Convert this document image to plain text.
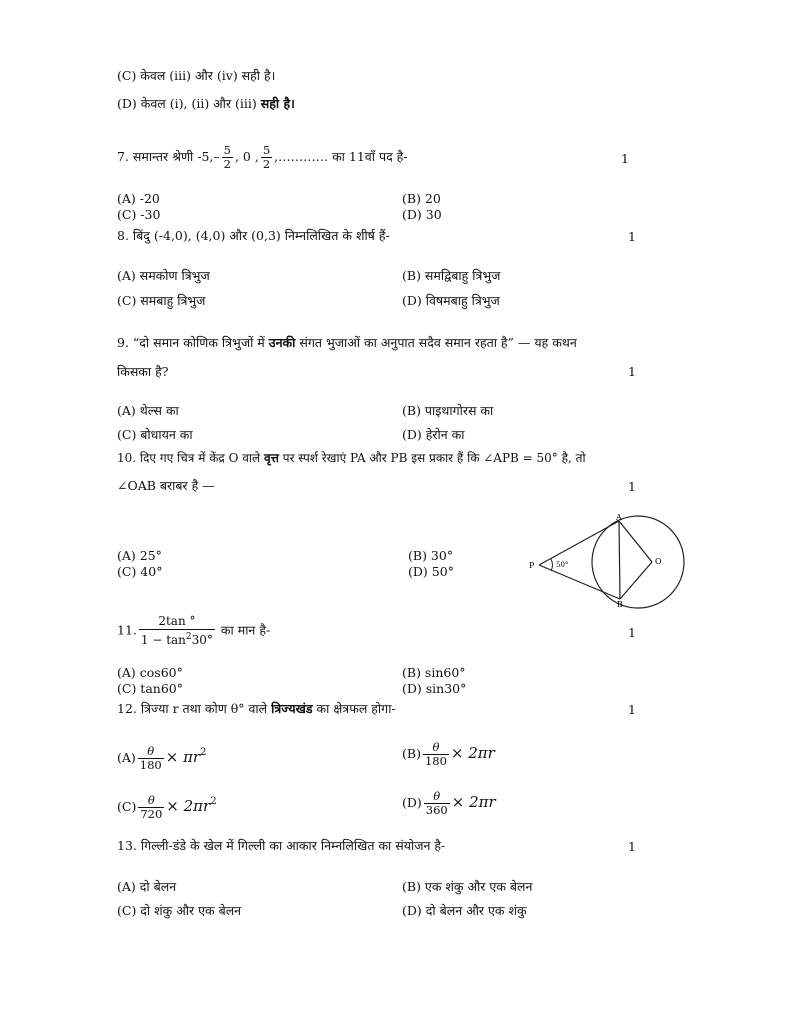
(C) केवल (iii) और (iv) सही है।
(D) केवल (i), (ii) और (iii) सही है।
7. समान्तर श्रेणी $-5,- \frac{5}{2}$ , 0 , $\frac{5}{2}$ ,………… का 11वाँ पद है-	1
(A) -20	(B) 20
(C) -30	(D) 30
8. बिंदु (-4,0), (4,0) और (0,3) निम्नलिखित के शीर्ष हैं-	1
(A) समकोण त्रिभुज	(B) समद्विबाहु त्रिभुज
(C) समबाहु त्रिभुज	(D) विषमबाहु त्रिभुज
9. “दो समान कोणिक त्रिभुजों में उनकी संगत भुजाओं का अनुपात सदैव समान रहता है” — यह कथन
किसका है?	1
(A) थेल्स का	(B) पाइथागोरस का
(C) बोधायन का	(D) हेरोन का
10. दिए गए चित्र में केंद्र O वाले वृत्त पर स्पर्श रेखाएं PA और PB इस प्रकार हैं कि ∠APB = 50° है, तो
∠OAB बराबर है —	1
(A) 25°	(B) 30°
(C) 40°	(D) 50°
A
B
O
P	50°
11. $\frac{2\tan ^\circ}{1 - \tan^230^\circ}$ का मान है-	1
(A) cos60°	(B) sin60°
(C) tan60°	(D) sin30°
12. त्रिज्या r तथा कोण θ° वाले त्रिज्यखंड का क्षेत्रफल होगा-	1
$(A) \frac{\theta}{180} \times \pi r^2$	$(B) \frac{\theta}{180} \times 2\pi r$
$(C) \frac{\theta}{720} \times 2\pi r^2$	$(D) \frac{\theta}{360} \times 2\pi r$
13. गिल्ली-डंडे के खेल में गिल्ली का आकार निम्नलिखित का संयोजन है-	1
(A) दो बेलन	(B) एक शंकु और एक बेलन
(C) दो शंकु और एक बेलन	(D) दो बेलन और एक शंकु
